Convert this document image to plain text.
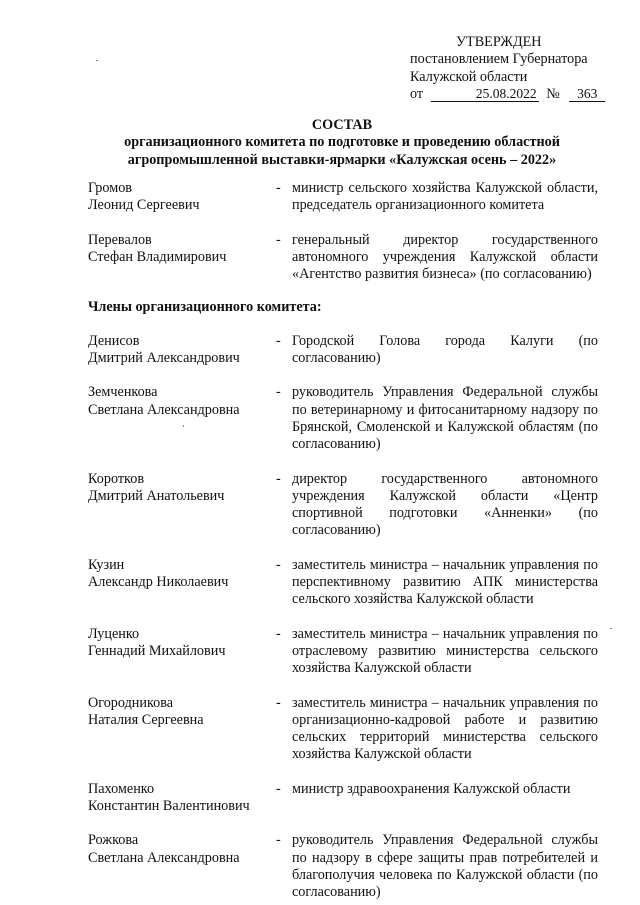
УТВЕРЖДЕН
постановлением Губернатора
Калужской области
от	25.08.2022 № 363
СОСТАВ
организационного комитета по подготовке и проведению областной
агропромышленной выставки-ярмарки «Калужская осень – 2022»
Громов
Леонид Сергеевич
- министр сельского хозяйства Калужской области, председатель организационного комитета
Перевалов
Стефан Владимирович
- генеральный директор государственного автономного учреждения Калужской области «Агентство развития бизнеса» (по согласованию)
Члены организационного комитета:
Денисов
Дмитрий Александрович
- Городской Голова города Калуги (по согласованию)
Земченкова
Светлана Александровна
- руководитель Управления Федеральной службы по ветеринарному и фитосанитарному надзору по Брянской, Смоленской и Калужской областям (по согласованию)
Коротков
Дмитрий Анатольевич
- директор государственного автономного учреждения Калужской области «Центр спортивной подготовки «Анненки» (по согласованию)
Кузин
Александр Николаевич
- заместитель министра – начальник управления по перспективному развитию АПК министерства сельского хозяйства Калужской области
Луценко
Геннадий Михайлович
- заместитель министра – начальник управления по отраслевому развитию министерства сельского хозяйства Калужской области
Огородникова
Наталия Сергеевна
- заместитель министра – начальник управления по организационно-кадровой работе и развитию сельских территорий министерства сельского хозяйства Калужской области
Пахоменко
Константин Валентинович
- министр здравоохранения Калужской области
Рожкова
Светлана Александровна
- руководитель Управления Федеральной службы по надзору в сфере защиты прав потребителей и благополучия человека по Калужской области (по согласованию)
